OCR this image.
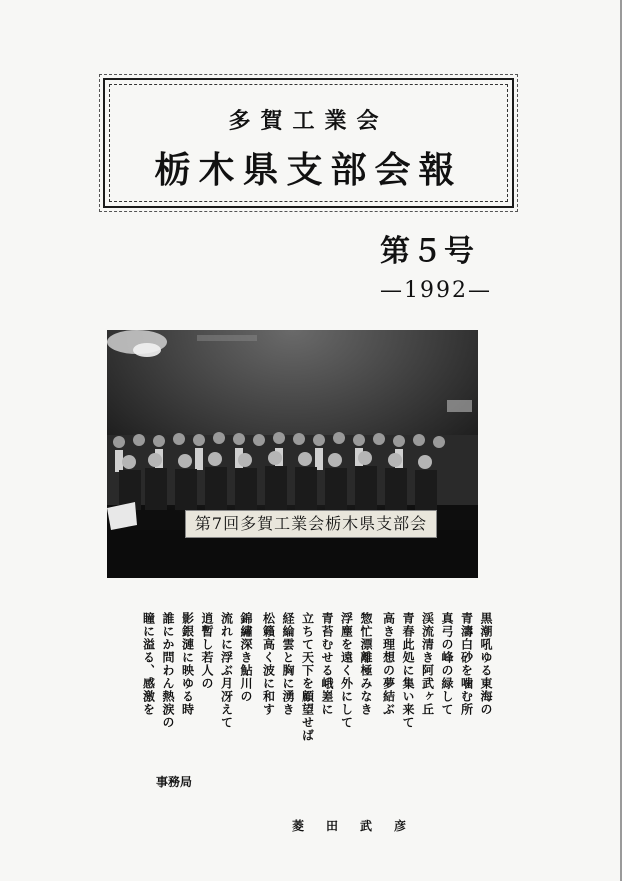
多賀工業会
栃木県支部会報
第５号
—1992—
第7回多賀工業会栃木県支部会
黒潮吼ゆる東海の
青濤白砂を噛む所
真弓の峰の緑して
渓流清き阿武ヶ丘
青春此処に集い来て
高き理想の夢結ぶ
惣忙漂離極みなき
浮塵を遠く外にして
青苔むせる峨嵳に
立ちて天下を顧望せば
経綸雲と胸に湧き
松籟高く波に和す
錦繡深き鮎川の
流れに浮ぶ月冴えて
逍暫し若人の
影銀漣に映ゆる時
誰にか問わん熱涙の
瞳に溢る、感激を
事務局
菱田武彦
